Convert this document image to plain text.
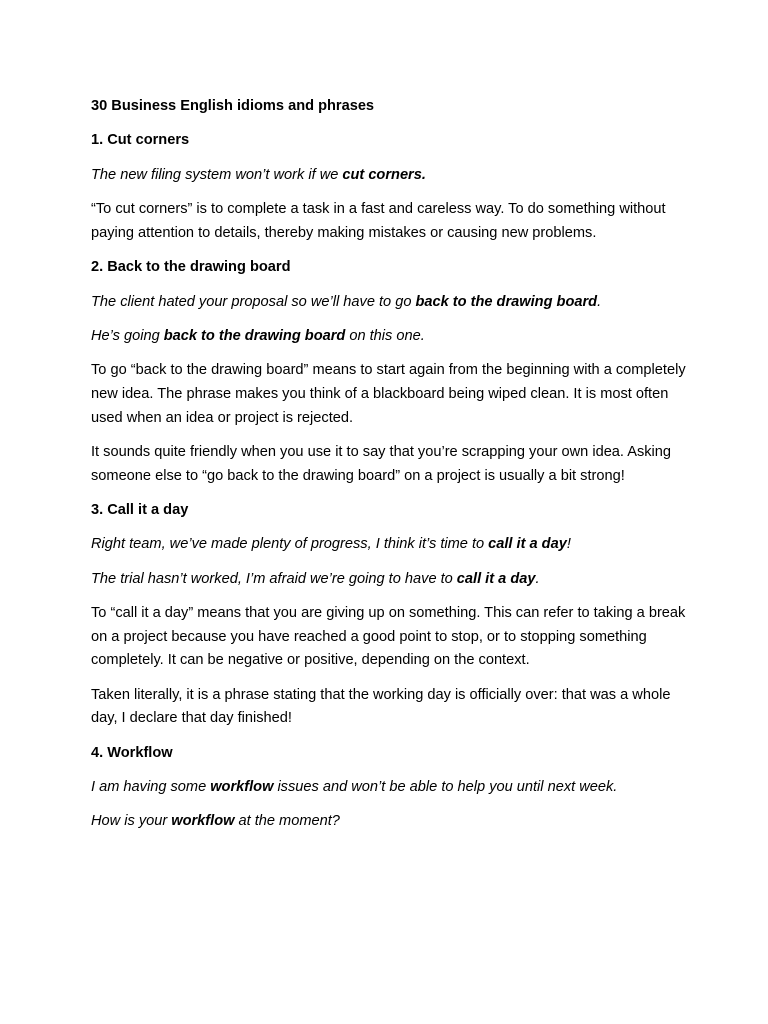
30 Business English idioms and phrases

1. Cut corners

The new filing system won’t work if we cut corners.

“To cut corners” is to complete a task in a fast and careless way. To do something without paying attention to details, thereby making mistakes or causing new problems.

2. Back to the drawing board

The client hated your proposal so we’ll have to go back to the drawing board.

He’s going back to the drawing board on this one.

To go “back to the drawing board” means to start again from the beginning with a completely new idea. The phrase makes you think of a blackboard being wiped clean. It is most often used when an idea or project is rejected.

It sounds quite friendly when you use it to say that you’re scrapping your own idea. Asking someone else to “go back to the drawing board” on a project is usually a bit strong!

3. Call it a day

Right team, we’ve made plenty of progress, I think it’s time to call it a day!

The trial hasn’t worked, I’m afraid we’re going to have to call it a day.

To “call it a day” means that you are giving up on something. This can refer to taking a break on a project because you have reached a good point to stop, or to stopping something completely. It can be negative or positive, depending on the context.

Taken literally, it is a phrase stating that the working day is officially over: that was a whole day, I declare that day finished!

4. Workflow

I am having some workflow issues and won’t be able to help you until next week.

How is your workflow at the moment?
